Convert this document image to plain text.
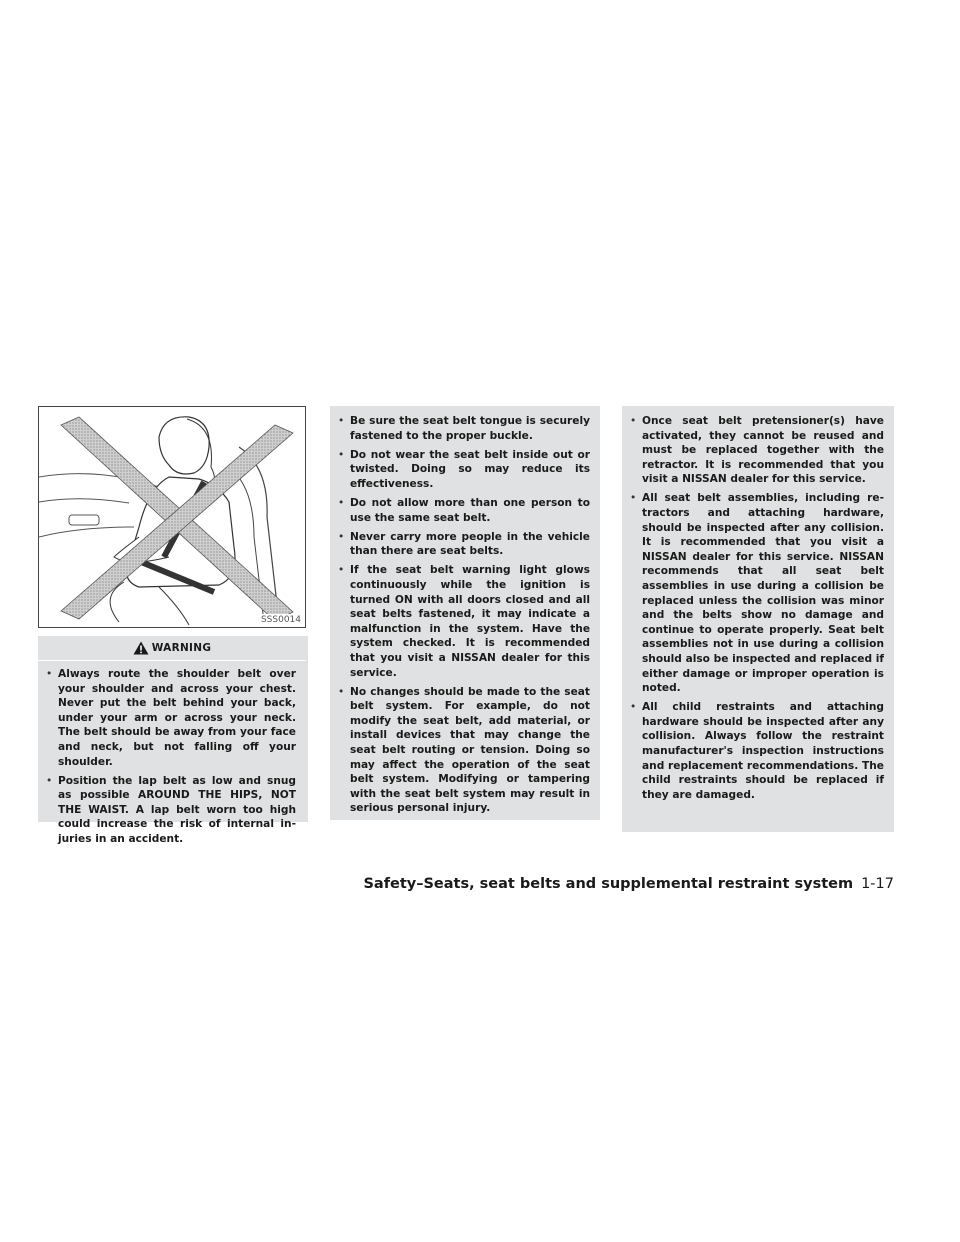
SSS0014
WARNING
• Always route the shoulder belt over your shoulder and across your chest. Never put the belt behind your back, under your arm or across your neck. The belt should be away from your face and neck, but not falling off your shoulder.
• Position the lap belt as low and snug as possible AROUND THE HIPS, NOT THE WAIST. A lap belt worn too high could increase the risk of internal injuries in an accident.
• Be sure the seat belt tongue is securely fastened to the proper buckle.
• Do not wear the seat belt inside out or twisted. Doing so may reduce its effectiveness.
• Do not allow more than one person to use the same seat belt.
• Never carry more people in the vehicle than there are seat belts.
• If the seat belt warning light glows continuously while the ignition is turned ON with all doors closed and all seat belts fastened, it may indicate a malfunction in the system. Have the system checked. It is recommended that you visit a NISSAN dealer for this service.
• No changes should be made to the seat belt system. For example, do not modify the seat belt, add material, or install devices that may change the seat belt routing or tension. Doing so may affect the operation of the seat belt system. Modifying or tampering with the seat belt system may result in serious personal injury.
• Once seat belt pretensioner(s) have activated, they cannot be reused and must be replaced together with the retractor. It is recommended that you visit a NISSAN dealer for this service.
• All seat belt assemblies, including retractors and attaching hardware, should be inspected after any collision. It is recommended that you visit a NISSAN dealer for this service. NISSAN recommends that all seat belt assemblies in use during a collision be replaced unless the collision was minor and the belts show no damage and continue to operate properly. Seat belt assemblies not in use during a collision should also be inspected and replaced if either damage or improper operation is noted.
• All child restraints and attaching hardware should be inspected after any collision. Always follow the restraint manufacturer's inspection instructions and replacement recommendations. The child restraints should be replaced if they are damaged.
Safety–Seats, seat belts and supplemental restraint system 1-17
